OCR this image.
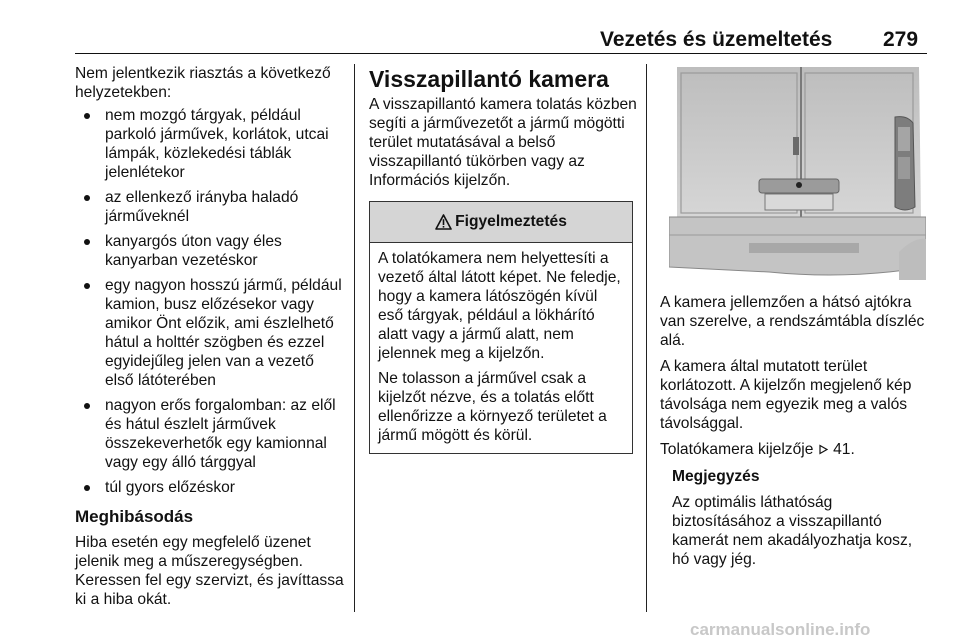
Vezetés és üzemeltetés 279

Nem jelentkezik riasztás a következő helyzetekben:

nem mozgó tárgyak, például parkoló járművek, korlátok, utcai lámpák, közlekedési táblák jelenlétekor
az ellenkező irányba haladó járműveknél
kanyargós úton vagy éles kanyarban vezetéskor
egy nagyon hosszú jármű, például kamion, busz előzésekor vagy amikor Önt előzik, ami észlelhető hátul a holttér szögben és ezzel egyidejűleg jelen van a vezető első látóterében
nagyon erős forgalomban: az elől és hátul észlelt járművek összekeverhetők egy kamionnal vagy egy álló tárggyal
túl gyors előzéskor
Meghibásodás

Hiba esetén egy megfelelő üzenet jelenik meg a műszeregységben. Keressen fel egy szervizt, és javíttassa ki a hiba okát.

Visszapillantó kamera

A visszapillantó kamera tolatás közben segíti a járművezetőt a jármű mögötti terület mutatásával a belső visszapillantó tükörben vagy az Információs kijelzőn.

Figyelmeztetés

A tolatókamera nem helyettesíti a vezető által látott képet. Ne feledje, hogy a kamera látószögén kívül eső tárgyak, például a lökhárító alatt vagy a jármű alatt, nem jelennek meg a kijelzőn.

Ne tolasson a járművel csak a kijelzőt nézve, és a tolatás előtt ellenőrizze a környező területet a jármű mögött és körül.

A kamera jellemzően a hátsó ajtókra van szerelve, a rendszámtábla díszléc alá.

A kamera által mutatott terület korlátozott. A kijelzőn megjelenő kép távolsága nem egyezik meg a valós távolsággal.

Tolatókamera kijelzője 41.

Megjegyzés

Az optimális láthatóság biztosításához a visszapillantó kamerát nem akadályozhatja kosz, hó vagy jég.

carmanualsonline.info
